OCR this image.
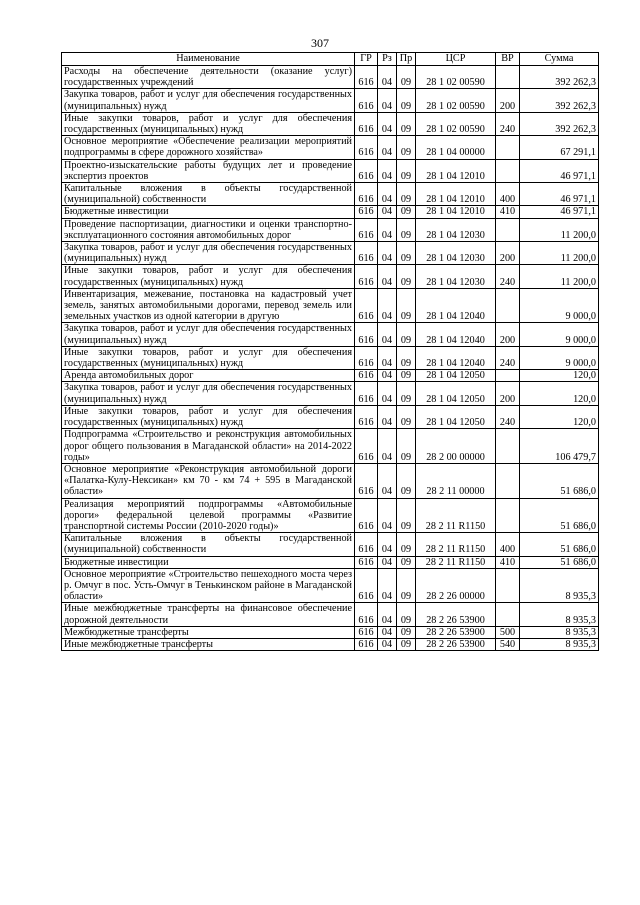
307
Наименование	ГР	Рз	Пр	ЦСР	ВР	Сумма
Расходы на обеспечение деятельности (оказание услуг) государственных учреждений	616	04	09	28 1 02 00590		392 262,3
Закупка товаров, работ и услуг для обеспечения государственных (муниципальных) нужд	616	04	09	28 1 02 00590	200	392 262,3
Иные закупки товаров, работ и услуг для обеспечения государственных (муниципальных) нужд	616	04	09	28 1 02 00590	240	392 262,3
Основное мероприятие «Обеспечение реализации мероприятий подпрограммы в сфере дорожного хозяйства»	616	04	09	28 1 04 00000		67 291,1
Проектно-изыскательские работы будущих лет и проведение экспертиз проектов	616	04	09	28 1 04 12010		46 971,1
Капитальные вложения в объекты государственной (муниципальной) собственности	616	04	09	28 1 04 12010	400	46 971,1
Бюджетные инвестиции	616	04	09	28 1 04 12010	410	46 971,1
Проведение паспортизации, диагностики и оценки транспортно-эксплуатационного состояния автомобильных дорог	616	04	09	28 1 04 12030		11 200,0
Закупка товаров, работ и услуг для обеспечения государственных (муниципальных) нужд	616	04	09	28 1 04 12030	200	11 200,0
Иные закупки товаров, работ и услуг для обеспечения государственных (муниципальных) нужд	616	04	09	28 1 04 12030	240	11 200,0
Инвентаризация, межевание, постановка на кадастровый учет земель, занятых автомобильными дорогами, перевод земель или земельных участков из одной категории в другую	616	04	09	28 1 04 12040		9 000,0
Закупка товаров, работ и услуг для обеспечения государственных (муниципальных) нужд	616	04	09	28 1 04 12040	200	9 000,0
Иные закупки товаров, работ и услуг для обеспечения государственных (муниципальных) нужд	616	04	09	28 1 04 12040	240	9 000,0
Аренда автомобильных дорог	616	04	09	28 1 04 12050		120,0
Закупка товаров, работ и услуг для обеспечения государственных (муниципальных) нужд	616	04	09	28 1 04 12050	200	120,0
Иные закупки товаров, работ и услуг для обеспечения государственных (муниципальных) нужд	616	04	09	28 1 04 12050	240	120,0
Подпрограмма «Строительство и реконструкция автомобильных дорог общего пользования в Магаданской области» на 2014-2022 годы»	616	04	09	28 2 00 00000		106 479,7
Основное мероприятие «Реконструкция автомобильной дороги «Палатка-Кулу-Нексикан» км 70 - км 74 + 595 в Магаданской области»	616	04	09	28 2 11 00000		51 686,0
Реализация мероприятий подпрограммы «Автомобильные дороги» федеральной целевой программы «Развитие транспортной системы России (2010-2020 годы)»	616	04	09	28 2 11 R1150		51 686,0
Капитальные вложения в объекты государственной (муниципальной) собственности	616	04	09	28 2 11 R1150	400	51 686,0
Бюджетные инвестиции	616	04	09	28 2 11 R1150	410	51 686,0
Основное мероприятие «Строительство пешеходного моста через р. Омчуг в пос. Усть-Омчуг в Тенькинском районе в Магаданской области»	616	04	09	28 2 26 00000		8 935,3
Иные межбюджетные трансферты на финансовое обеспечение дорожной деятельности	616	04	09	28 2 26 53900		8 935,3
Межбюджетные трансферты	616	04	09	28 2 26 53900	500	8 935,3
Иные межбюджетные трансферты	616	04	09	28 2 26 53900	540	8 935,3
